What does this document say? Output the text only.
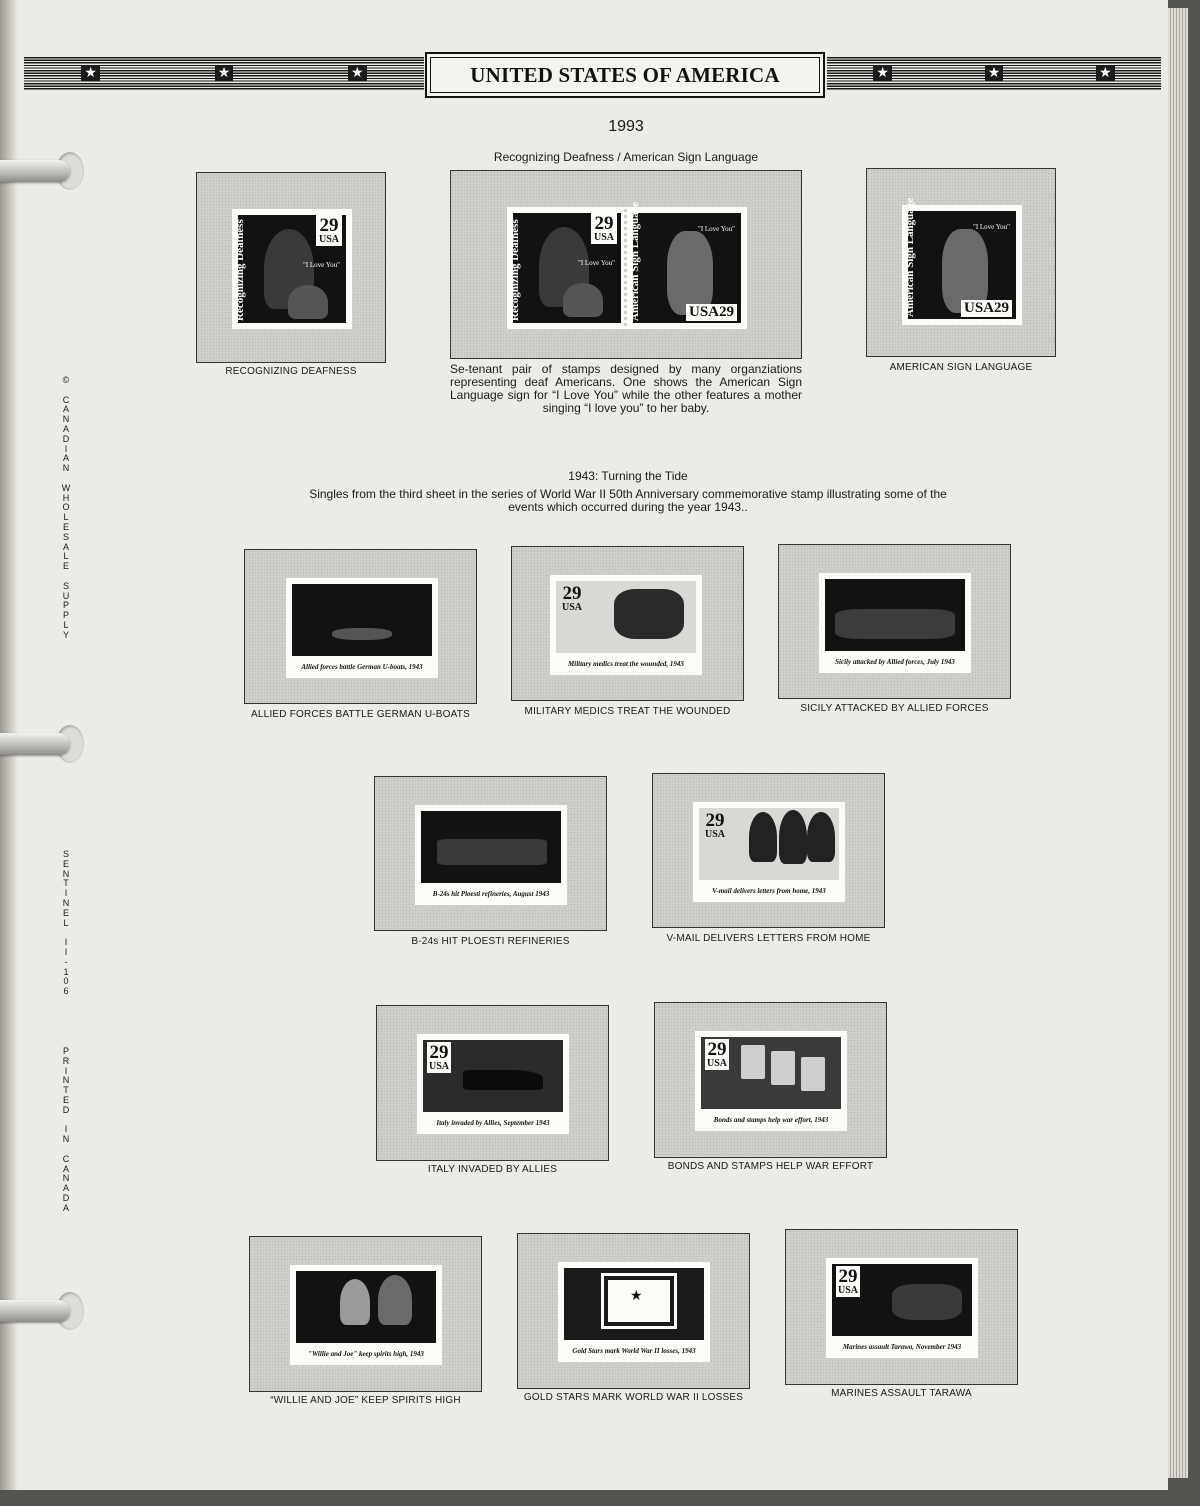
★	★	★	★	★	★
UNITED STATES OF AMERICA
1993
Recognizing Deafness / American Sign Language
Recognizing Deafness	29
USA
"I Love You"
RECOGNIZING DEAFNESS
Recognizing Deafness	29
USA
"I Love You" American Sign Language	"I Love You"
USA29
Se-tenant pair of stamps designed by many organziations representing deaf Americans. One shows the American Sign Language sign for “I Love You” while the other features a mother singing “I love you” to her baby.
American Sign Language	"I Love You"
USA29
AMERICAN SIGN LANGUAGE
1943: Turning the Tide
Singles from the third sheet in the series of World War II 50th Anniversary commemorative stamp illustrating some of the events which occurred during the year 1943..
Allied forces battle German U-boats, 1943
ALLIED FORCES BATTLE GERMAN U-BOATS
29
USA
Military medics treat the wounded, 1943
MILITARY MEDICS TREAT THE WOUNDED
Sicily attacked by Allied forces, July 1943
SICILY ATTACKED BY ALLIED FORCES
B-24s hit Ploesti refineries, August 1943
B-24s HIT PLOESTI REFINERIES
29
USA
V-mail delivers letters from home, 1943
V-MAIL DELIVERS LETTERS FROM HOME
29
USA
Italy invaded by Allies, September 1943
ITALY INVADED BY ALLIES
29
USA
Bonds and stamps help war effort, 1943
BONDS AND STAMPS HELP WAR EFFORT
29
USA
"Willie and Joe" keep spirits high, 1943
“WILLIE AND JOE” KEEP SPIRITS HIGH
★
Gold Stars mark World War II losses, 1943
GOLD STARS MARK WORLD WAR II LOSSES
29
USA
Marines assault Tarawa, November 1943
MARINES ASSAULT TARAWA
©

C
A
N
A
D
I
A
N

W
H
O
L
E
S
A
L
E

S
U
P
P
L
Y
S
E
N
T
I
N
E
L

I
I
-
1
0
6
P
R
I
N
T
E
D

I
N

C
A
N
A
D
A
